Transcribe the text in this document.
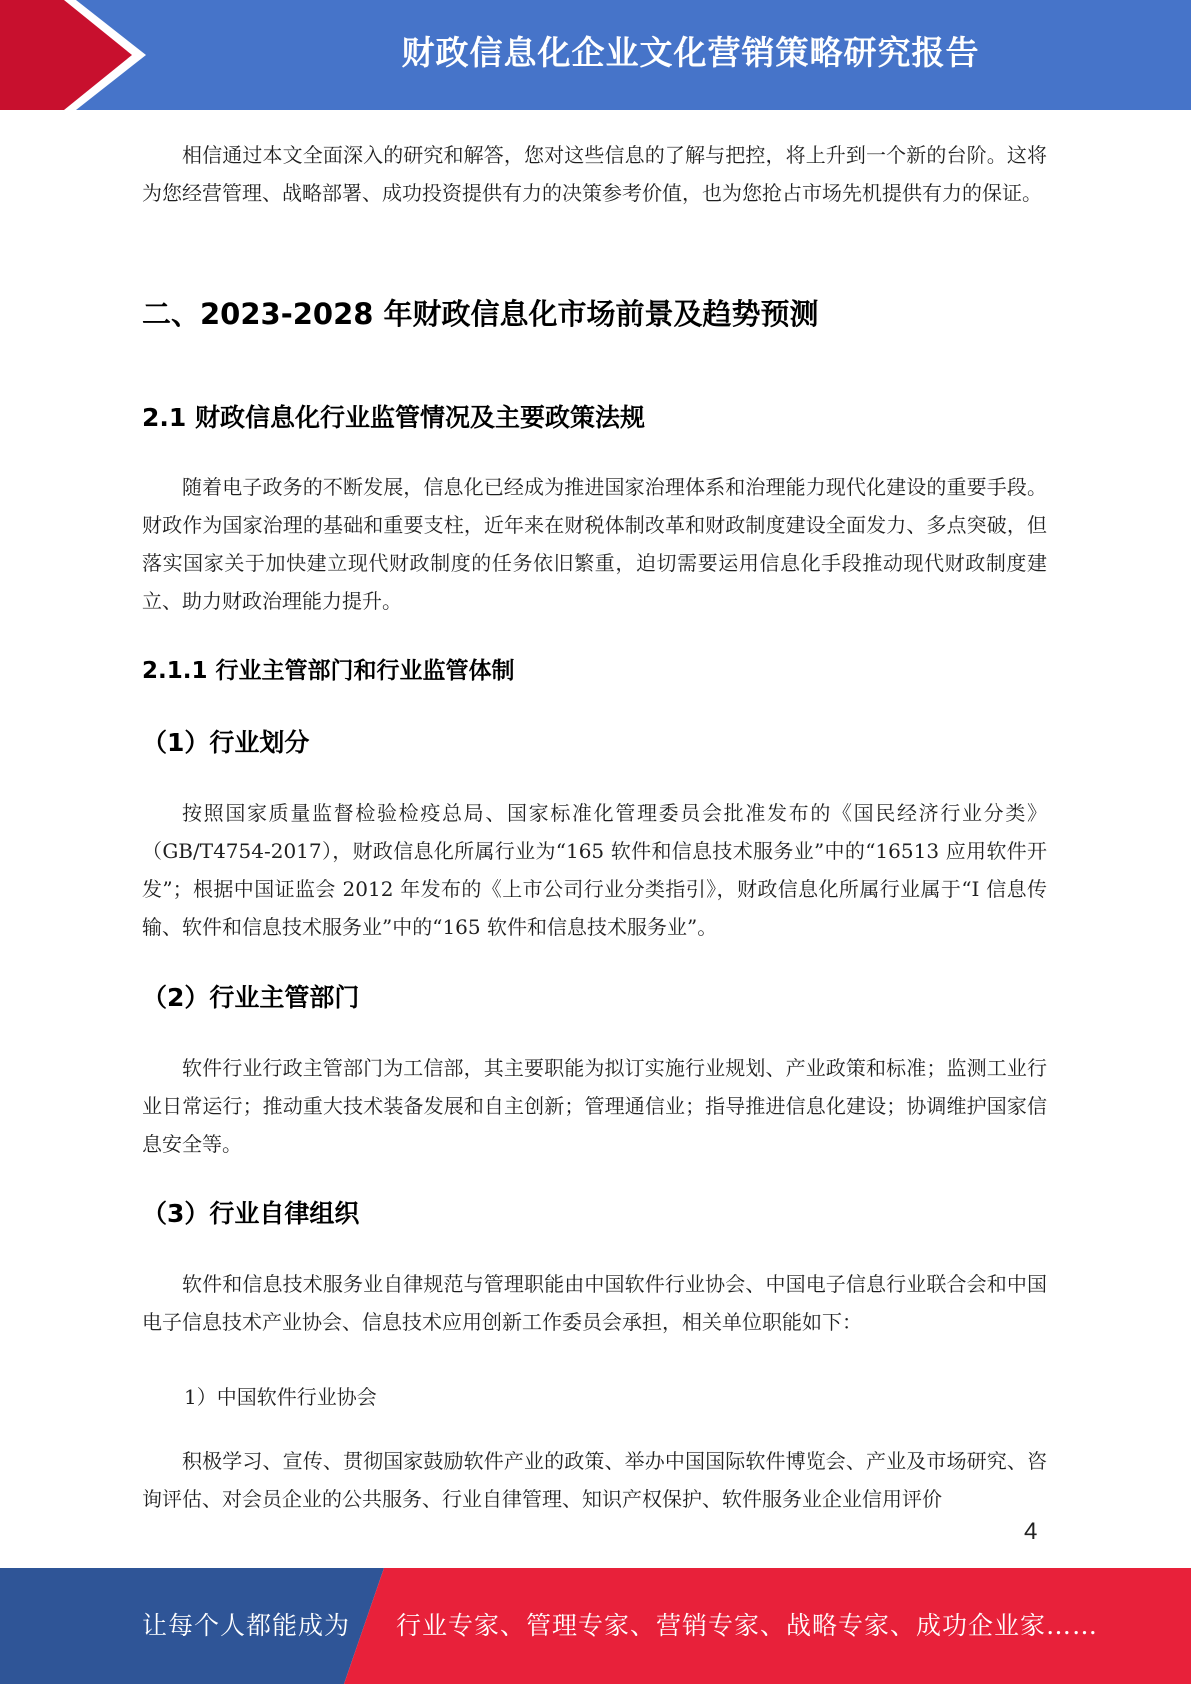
财政信息化企业文化营销策略研究报告

相信通过本文全面深入的研究和解答，您对这些信息的了解与把控，将上升到一个新的台阶。这将为您经营管理、战略部署、成功投资提供有力的决策参考价值，也为您抢占市场先机提供有力的保证。

二、2023-2028 年财政信息化市场前景及趋势预测
2.1 财政信息化行业监管情况及主要政策法规

随着电子政务的不断发展，信息化已经成为推进国家治理体系和治理能力现代化建设的重要手段。财政作为国家治理的基础和重要支柱，近年来在财税体制改革和财政制度建设全面发力、多点突破，但落实国家关于加快建立现代财政制度的任务依旧繁重，迫切需要运用信息化手段推动现代财政制度建立、助力财政治理能力提升。

2.1.1 行业主管部门和行业监管体制
（1）行业划分

按照国家质量监督检验检疫总局、国家标准化管理委员会批准发布的《国民经济行业分类》（GB/T4754-2017），财政信息化所属行业为“165 软件和信息技术服务业”中的“16513 应用软件开发”；根据中国证监会 2012 年发布的《上市公司行业分类指引》，财政信息化所属行业属于“I 信息传输、软件和信息技术服务业”中的“165 软件和信息技术服务业”。

（2）行业主管部门

软件行业行政主管部门为工信部，其主要职能为拟订实施行业规划、产业政策和标准；监测工业行业日常运行；推动重大技术装备发展和自主创新；管理通信业；指导推进信息化建设；协调维护国家信息安全等。

（3）行业自律组织

软件和信息技术服务业自律规范与管理职能由中国软件行业协会、中国电子信息行业联合会和中国电子信息技术产业协会、信息技术应用创新工作委员会承担，相关单位职能如下：

1）中国软件行业协会

积极学习、宣传、贯彻国家鼓励软件产业的政策、举办中国国际软件博览会、产业及市场研究、咨询评估、对会员企业的公共服务、行业自律管理、知识产权保护、软件服务业企业信用评价

4
让每个人都能成为 行业专家、管理专家、营销专家、战略专家、成功企业家……
